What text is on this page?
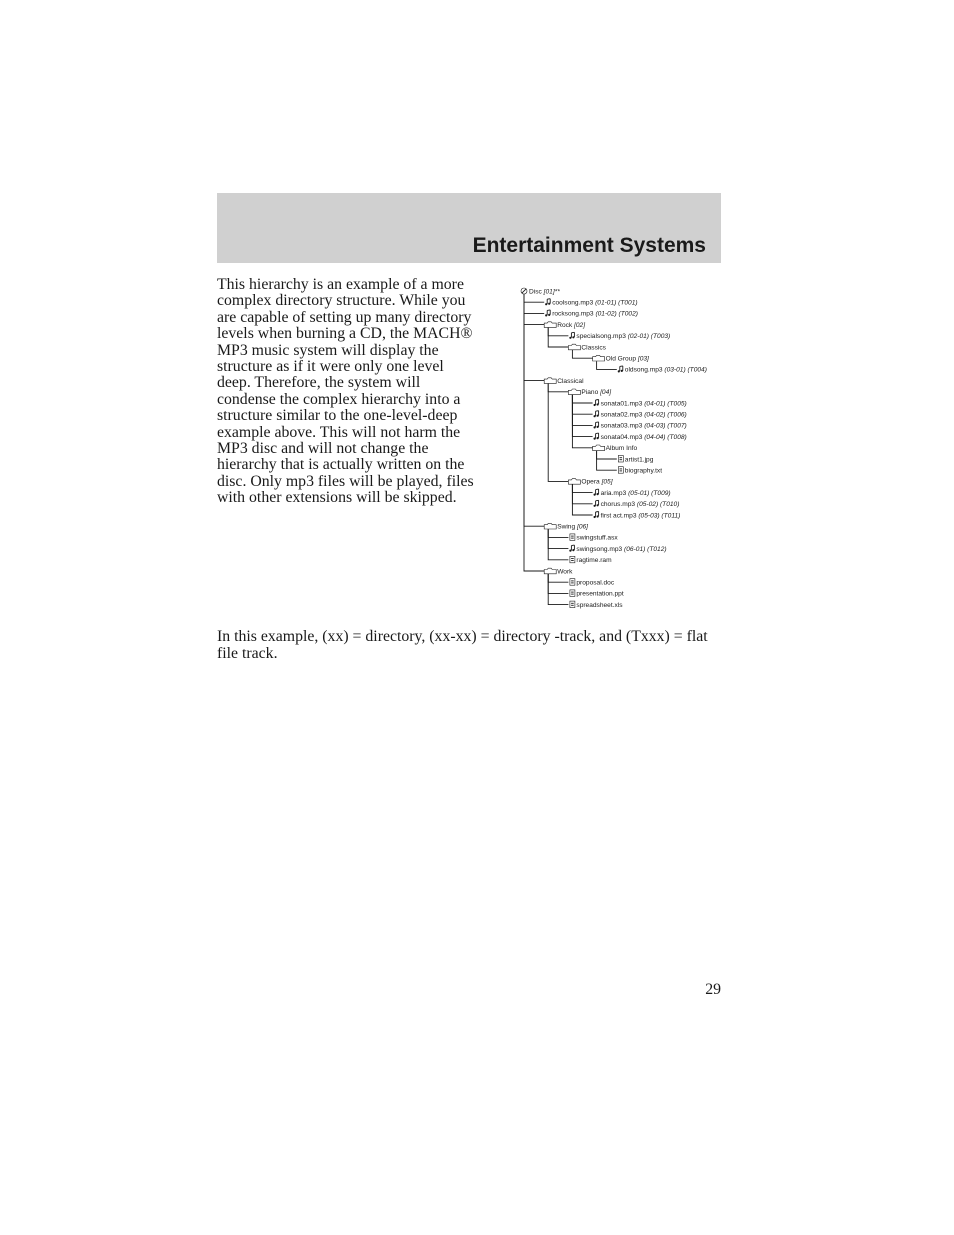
Entertainment Systems

This hierarchy is an example of a more complex directory structure. While you are capable of setting up many directory levels when burning a CD, the MACH® MP3 music system will display the structure as if it were only one level deep. Therefore, the system will condense the complex hierarchy into a structure similar to the one-level-deep example above. This will not harm the MP3 disc and will not change the hierarchy that is actually written on the disc. Only mp3 files will be played, files with other extensions will be skipped.

Disc [01]**
coolsong.mp3 (01-01) (T001)
rocksong.mp3 (01-02) (T002)
Rock [02]
specialsong.mp3 (02-01) (T003)
Classics
Old Group [03]
oldsong.mp3 (03-01) (T004)
Classical
Piano [04]
sonata01.mp3 (04-01) (T005)
sonata02.mp3 (04-02) (T006)
sonata03.mp3 (04-03) (T007)
sonata04.mp3 (04-04) (T008)
Album Info
artist1.jpg
biography.txt
Opera [05]
aria.mp3 (05-01) (T009)
chorus.mp3 (05-02) (T010)
first act.mp3 (05-03) (T011)
Swing [06]
swingstuff.asx
swingsong.mp3 (06-01) (T012)
ragtime.ram
Work
proposal.doc
presentation.ppt
spreadsheet.xls

In this example, (xx) = directory, (xx-xx) = directory -track, and (Txxx) = flat file track.

29
